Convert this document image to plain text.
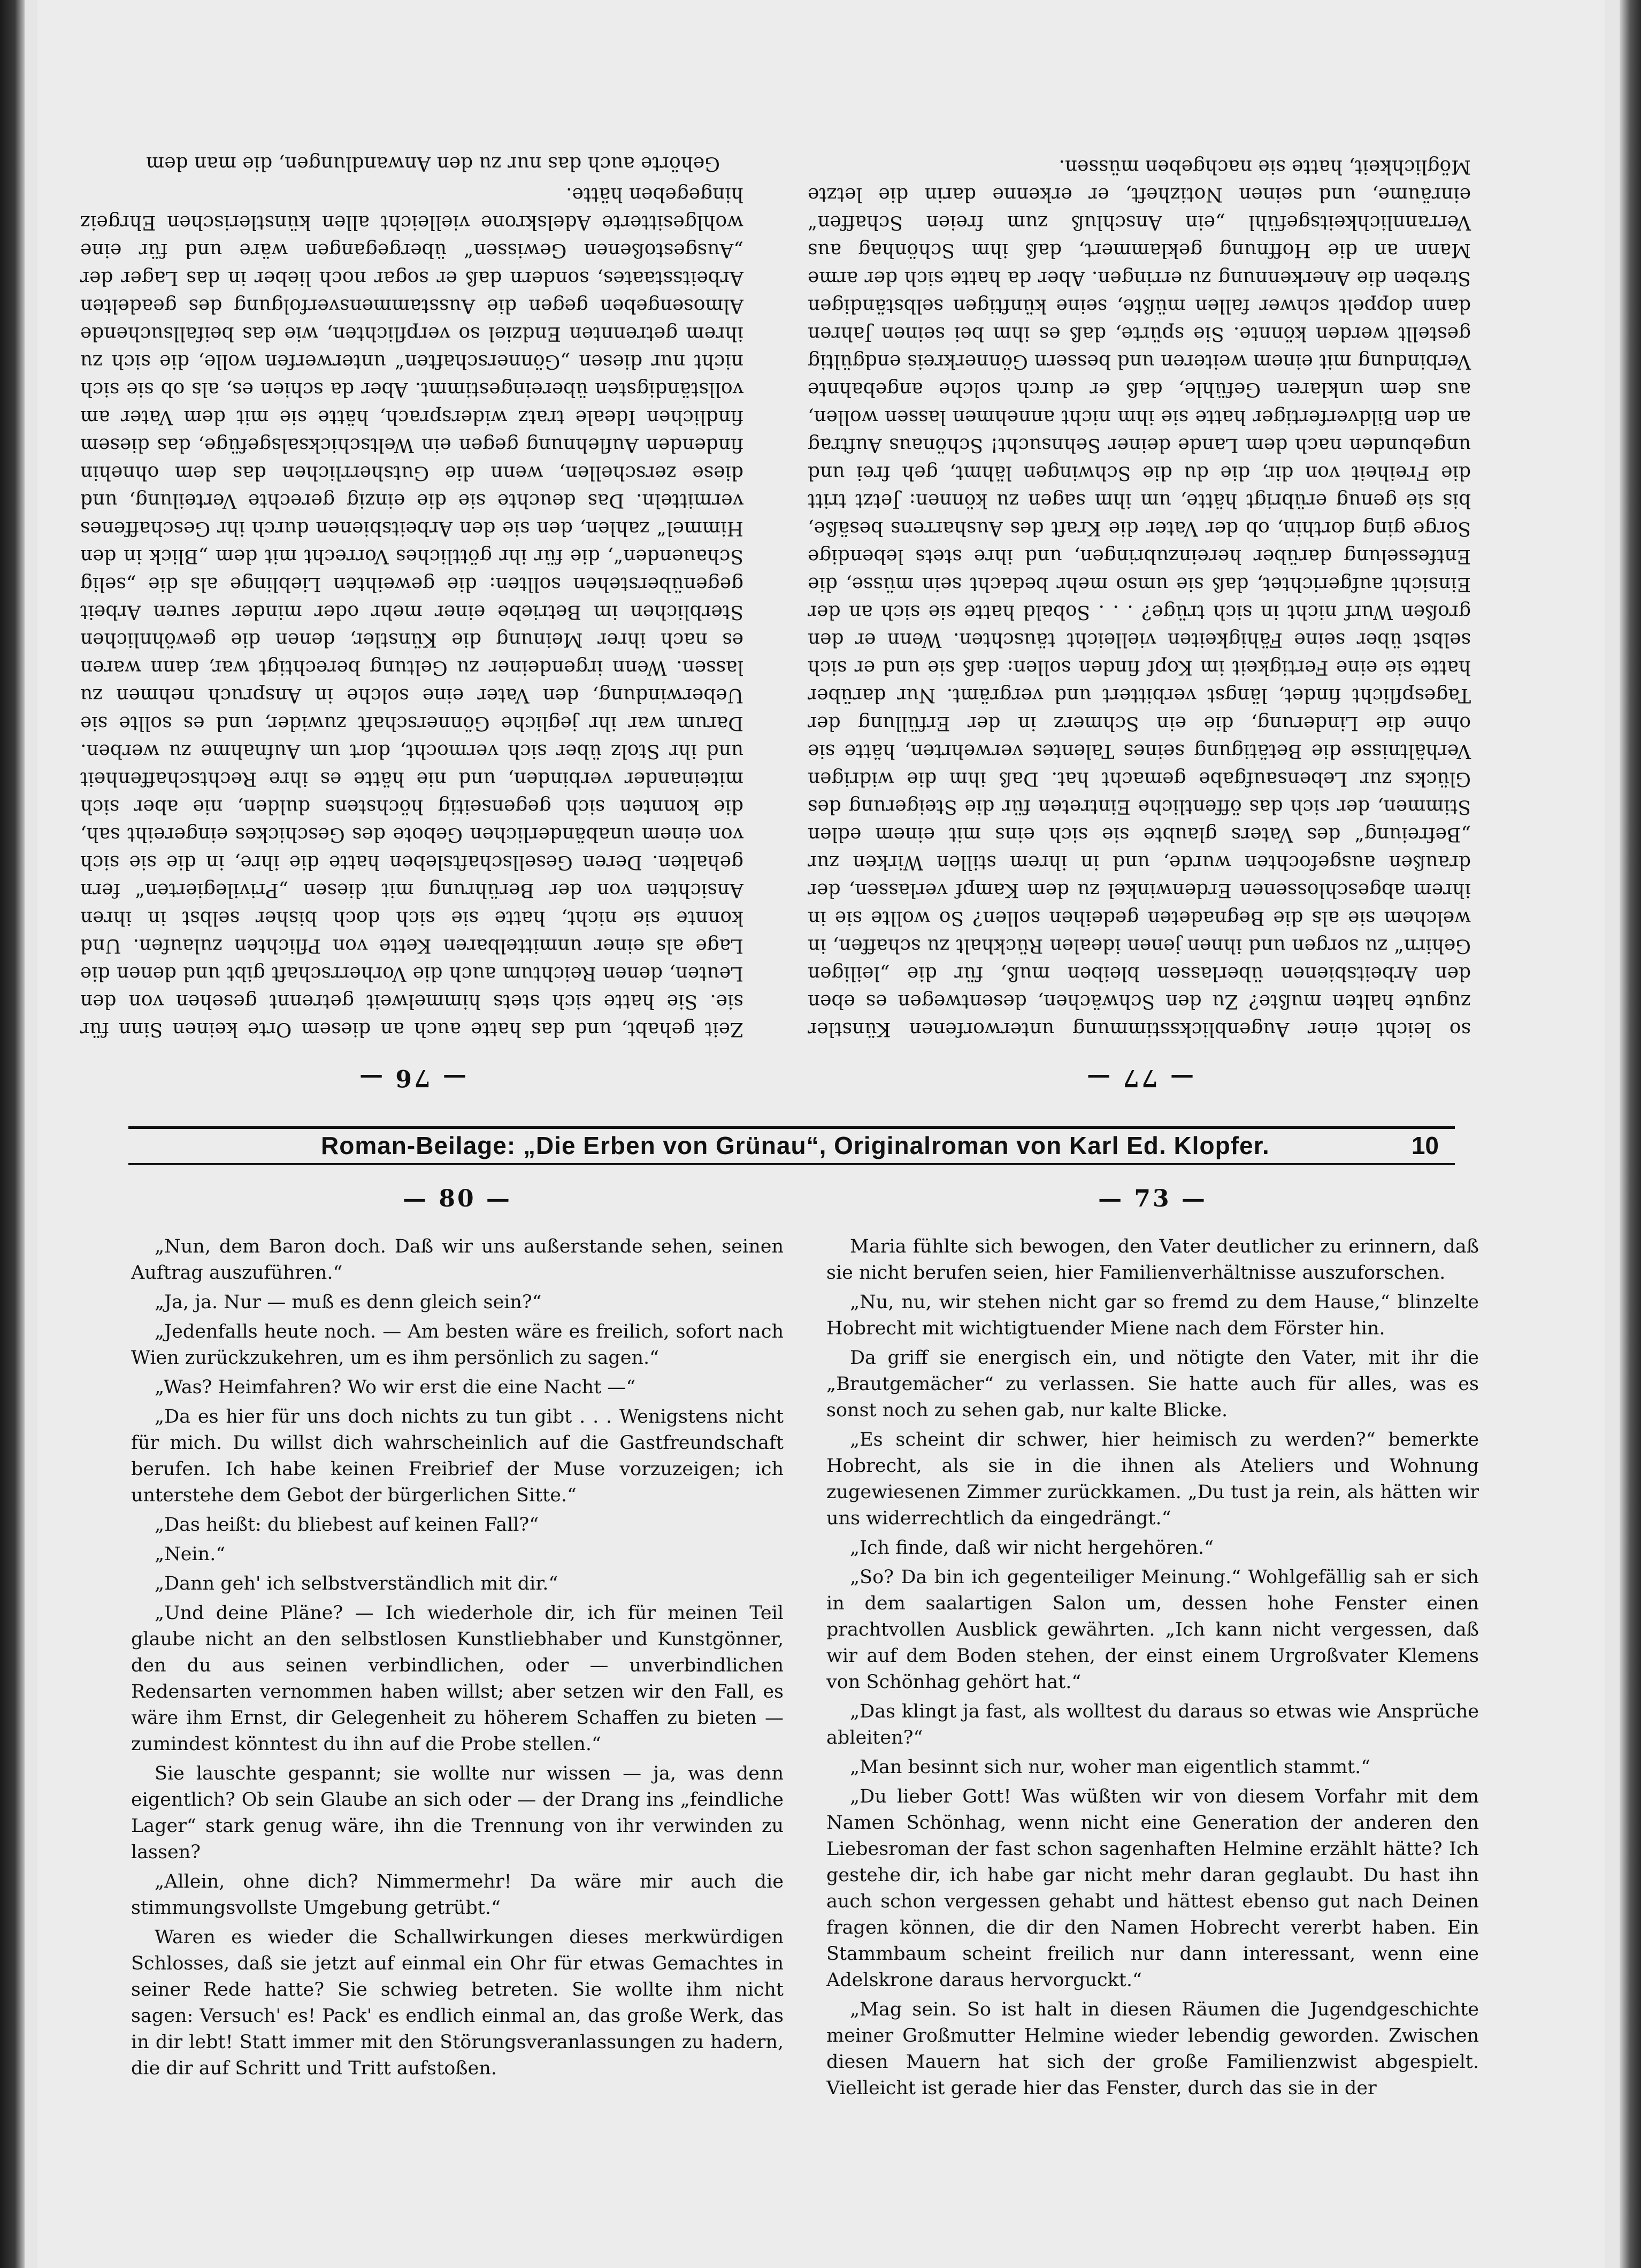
— 77 —

so leicht einer Augenblicksstimmung unterworfenen Künstler zugute halten mußte? Zu den Schwächen, desentwegen es eben den Arbeitsbienen überlassen bleiben muß, für die „leiligen Gehirn“ zu sorgen und ihnen jenen idealen Rückhalt zu schaffen, in welchem sie als die Begnadeten gedeihen sollen? So wollte sie in ihrem abgeschlossenen Erdenwinkel zu dem Kampf verlassen, der draußen ausgefochten wurde, und in ihrem stillen Wirken zur „Befreiung“ des Vaters glaubte sie sich eins mit einem edlen Stimmen, der sich das öffentliche Eintreten für die Steigerung des Glücks zur Lebensaufgabe gemacht hat. Daß ihm die widrigen Verhältnisse die Betätigung seines Talentes verwehrten, hätte sie ohne die Linderung, die ein Schmerz in der Erfüllung der Tagespflicht findet, längst verbittert und vergrämt. Nur darüber hatte sie eine Fertigkeit im Kopf finden sollen: daß sie und er sich selbst über seine Fähigkeiten vielleicht täuschten. Wenn er den großen Wurf nicht in sich trüge? . . . Sobald hatte sie sich an der Einsicht aufgerichtet, daß sie umso mehr bedacht sein müsse, die Entfesselung darüber hereinzubringen, und ihre stets lebendige Sorge ging dorthin, ob der Vater die Kraft des Ausharrens besäße, bis sie genug erübrigt hätte, um ihm sagen zu können: Jetzt tritt die Freiheit von dir, die du die Schwingen lähmt, geh frei und ungebunden nach dem Lande deiner Sehnsucht! Schönaus Auftrag an den Bildverfertiger hatte sie ihm nicht annehmen lassen wollen, aus dem unklaren Gefühle, daß er durch solche angebahnte Verbindung mit einem weiteren und bessern Gönnerkreis endgültig gestellt werden könnte. Sie spürte, daß es ihm bei seinen Jahren dann doppelt schwer fallen müßte, seine künftigen selbständigen Streben die Anerkennung zu erringen. Aber da hatte sich der arme Mann an die Hoffnung geklammert, daß ihm Schönhag aus Verrannlichkeitsgefühl „ein Anschluß zum freien Schaffen“ einräume, und seinen Notizheft, er erkenne darin die letzte Möglichkeit, hatte sie nachgeben müssen.

— 76 —

Zeit gehabt, und das hatte auch an diesem Orte keinen Sinn für sie. Sie hatte sich stets himmelweit getrennt gesehen von den Leuten, denen Reichtum auch die Vorherrschaft gibt und denen die Lage als einer unmittelbaren Kette von Pflichten zulaufen. Und konnte sie nicht, hatte sie sich doch bisher selbst in ihren Ansichten von der Berührung mit diesen „Privilegierten“ fern gehalten. Deren Gesellschaftsleben hatte die ihre, in die sie sich von einem unabänderlichen Gebote des Geschickes eingereiht sah, die konnten sich gegenseitig höchstens dulden, nie aber sich miteinander verbinden, und nie hätte es ihre Rechtschaffenheit und ihr Stolz über sich vermocht, dort um Aufnahme zu werben. Darum war ihr jegliche Gönnerschaft zuwider, und es sollte sie Ueberwindung, den Vater eine solche in Anspruch nehmen zu lassen. Wenn irgendeiner zu Geltung berechtigt war, dann waren es nach ihrer Meinung die Künstler, denen die gewöhnlichen Sterblichen im Betriebe einer mehr oder minder sauren Arbeit gegenüberstehen sollten: die geweihten Lieblinge als die „selig Schauenden“, die für ihr göttliches Vorrecht mit dem „Blick in den Himmel“ zahlen, den sie den Arbeitsbienen durch ihr Geschaffenes vermitteln. Das deuchte sie die einzig gerechte Verteilung, und diese zerschellen, wenn die Gutsherrlichen das dem ohnehin findenden Auflehnung gegen ein Weltschicksalsgefüge, das diesem findlichen Ideale tratz widersprach, hätte sie mit dem Vater am vollständigsten übereingestimmt. Aber da schien es, als ob sie sich nicht nur diesen „Gönnerschaften“ unterwerfen wolle, die sich zu ihrem getrennten Endziel so verpflichten, wie das beifallsuchende Almosengeben gegen die Ausstammensverfolgung des geadelten Arbeitsstaates, sondern daß er sogar noch lieber in das Lager der „Ausgestoßenen Gewissen“ übergegangen wäre und für eine wohlgesitterte Adelskrone vielleicht allen künstlerischen Ehrgeiz hingegeben hätte.

Gehörte auch das nur zu den Anwandlungen, die man dem

Roman-Beilage: „Die Erben von Grünau“, Originalroman von Karl Ed. Klopfer.	10
— 80 —

„Nun, dem Baron doch. Daß wir uns außerstande sehen, seinen Auftrag auszuführen.“

„Ja, ja. Nur — muß es denn gleich sein?“

„Jedenfalls heute noch. — Am besten wäre es freilich, sofort nach Wien zurückzukehren, um es ihm persönlich zu sagen.“

„Was? Heimfahren? Wo wir erst die eine Nacht —“

„Da es hier für uns doch nichts zu tun gibt . . . Wenigstens nicht für mich. Du willst dich wahrscheinlich auf die Gastfreundschaft berufen. Ich habe keinen Freibrief der Muse vorzuzeigen; ich unterstehe dem Gebot der bürgerlichen Sitte.“

„Das heißt: du bliebest auf keinen Fall?“

„Nein.“

„Dann geh' ich selbstverständlich mit dir.“

„Und deine Pläne? — Ich wiederhole dir, ich für meinen Teil glaube nicht an den selbstlosen Kunstliebhaber und Kunstgönner, den du aus seinen verbindlichen, oder — unverbindlichen Redensarten vernommen haben willst; aber setzen wir den Fall, es wäre ihm Ernst, dir Gelegenheit zu höherem Schaffen zu bieten — zumindest könntest du ihn auf die Probe stellen.“

Sie lauschte gespannt; sie wollte nur wissen — ja, was denn eigentlich? Ob sein Glaube an sich oder — der Drang ins „feindliche Lager“ stark genug wäre, ihn die Trennung von ihr verwinden zu lassen?

„Allein, ohne dich? Nimmermehr! Da wäre mir auch die stimmungsvollste Umgebung getrübt.“

Waren es wieder die Schallwirkungen dieses merkwürdigen Schlosses, daß sie jetzt auf einmal ein Ohr für etwas Gemachtes in seiner Rede hatte? Sie schwieg betreten. Sie wollte ihm nicht sagen: Versuch' es! Pack' es endlich einmal an, das große Werk, das in dir lebt! Statt immer mit den Störungsveranlassungen zu hadern, die dir auf Schritt und Tritt aufstoßen.

— 73 —

Maria fühlte sich bewogen, den Vater deutlicher zu erinnern, daß sie nicht berufen seien, hier Familienverhältnisse auszuforschen.

„Nu, nu, wir stehen nicht gar so fremd zu dem Hause,“ blinzelte Hobrecht mit wichtigtuender Miene nach dem Förster hin.

Da griff sie energisch ein, und nötigte den Vater, mit ihr die „Brautgemächer“ zu verlassen. Sie hatte auch für alles, was es sonst noch zu sehen gab, nur kalte Blicke.

„Es scheint dir schwer, hier heimisch zu werden?“ bemerkte Hobrecht, als sie in die ihnen als Ateliers und Wohnung zugewiesenen Zimmer zurückkamen. „Du tust ja rein, als hätten wir uns widerrechtlich da eingedrängt.“

„Ich finde, daß wir nicht hergehören.“

„So? Da bin ich gegenteiliger Meinung.“ Wohlgefällig sah er sich in dem saalartigen Salon um, dessen hohe Fenster einen prachtvollen Ausblick gewährten. „Ich kann nicht vergessen, daß wir auf dem Boden stehen, der einst einem Urgroßvater Klemens von Schönhag gehört hat.“

„Das klingt ja fast, als wolltest du daraus so etwas wie Ansprüche ableiten?“

„Man besinnt sich nur, woher man eigentlich stammt.“

„Du lieber Gott! Was wüßten wir von diesem Vorfahr mit dem Namen Schönhag, wenn nicht eine Generation der anderen den Liebesroman der fast schon sagenhaften Helmine erzählt hätte? Ich gestehe dir, ich habe gar nicht mehr daran geglaubt. Du hast ihn auch schon vergessen gehabt und hättest ebenso gut nach Deinen fragen können, die dir den Namen Hobrecht vererbt haben. Ein Stammbaum scheint freilich nur dann interessant, wenn eine Adelskrone daraus hervorguckt.“

„Mag sein. So ist halt in diesen Räumen die Jugendgeschichte meiner Großmutter Helmine wieder lebendig geworden. Zwischen diesen Mauern hat sich der große Familienzwist abgespielt. Vielleicht ist gerade hier das Fenster, durch das sie in der
